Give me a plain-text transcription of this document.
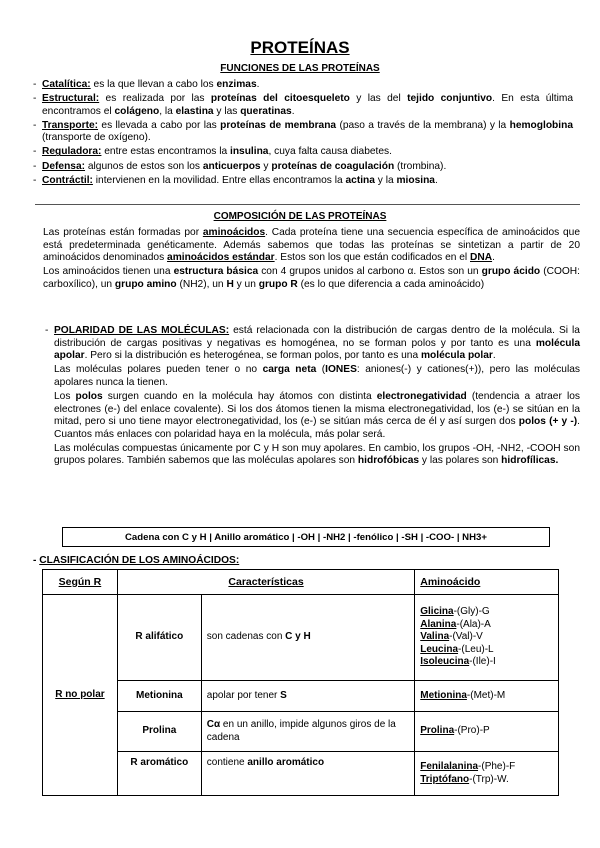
PROTEÍNAS
FUNCIONES DE LAS PROTEÍNAS
- Catalítica: es la que llevan a cabo los enzimas.
- Estructural: es realizada por las proteínas del citoesqueleto y las del tejido conjuntivo. En esta última encontramos el colágeno, la elastina y las queratinas.
- Transporte: es llevada a cabo por las proteínas de membrana (paso a través de la membrana) y la hemoglobina (transporte de oxígeno).
- Reguladora: entre estas encontramos la insulina, cuya falta causa diabetes.
- Defensa: algunos de estos son los anticuerpos y proteínas de coagulación (trombina).
- Contráctil: intervienen en la movilidad. Entre ellas encontramos la actina y la miosina.
COMPOSICIÓN DE LAS PROTEÍNAS

Las proteínas están formadas por aminoácidos. Cada proteína tiene una secuencia específica de aminoácidos que está predeterminada genéticamente. Además sabemos que todas las proteínas se sintetizan a partir de 20 aminoácidos denominados aminoácidos estándar. Estos son los que están codificados en el DNA.

Los aminoácidos tienen una estructura básica con 4 grupos unidos al carbono α. Estos son un grupo ácido (COOH: carboxílico), un grupo amino (NH2), un H y un grupo R (es lo que diferencia a cada aminoácido)

- POLARIDAD DE LAS MOLÉCULAS: está relacionada con la distribución de cargas dentro de la molécula. Si la distribución de cargas positivas y negativas es homogénea, no se forman polos y por tanto es una molécula apolar. Pero si la distribución es heterogénea, se forman polos, por tanto es una molécula polar.

Las moléculas polares pueden tener o no carga neta (IONES: aniones(-) y cationes(+)), pero las moléculas apolares nunca la tienen.

Los polos surgen cuando en la molécula hay átomos con distinta electronegatividad (tendencia a atraer los electrones (e-) del enlace covalente). Si los dos átomos tienen la misma electronegatividad, los (e-) se sitúan en la mitad, pero si uno tiene mayor electronegatividad, los (e-) se sitúan más cerca de él y así surgen dos polos (+ y -). Cuantos más enlaces con polaridad haya en la molécula, más polar será.

Las moléculas compuestas únicamente por C y H son muy apolares. En cambio, los grupos -OH, -NH2, -COOH son grupos polares. También sabemos que las moléculas apolares son hidrofóbicas y las polares son hidrofílicas.

Cadena con C y H | Anillo aromático | -OH | -NH2 | -fenólico | -SH | -COO- | NH3+
- CLASIFICACIÓN DE LOS AMINOÁCIDOS:
Según R	Características		Aminoácido
R no polar	R alifático	son cadenas con C y H	Glicina-(Gly)-G
Alanina-(Ala)-A
Valina-(Val)-V
Leucina-(Leu)-L
Isoleucina-(Ile)-I

	Metionina	apolar por tener S	Metionina-(Met)-M
	Prolina	Cα en un anillo, impide algunos giros de la cadena	Prolina-(Pro)-P
	R aromático	contiene anillo aromático	Fenilalanina-(Phe)-F
Triptófano-(Trp)-W.
